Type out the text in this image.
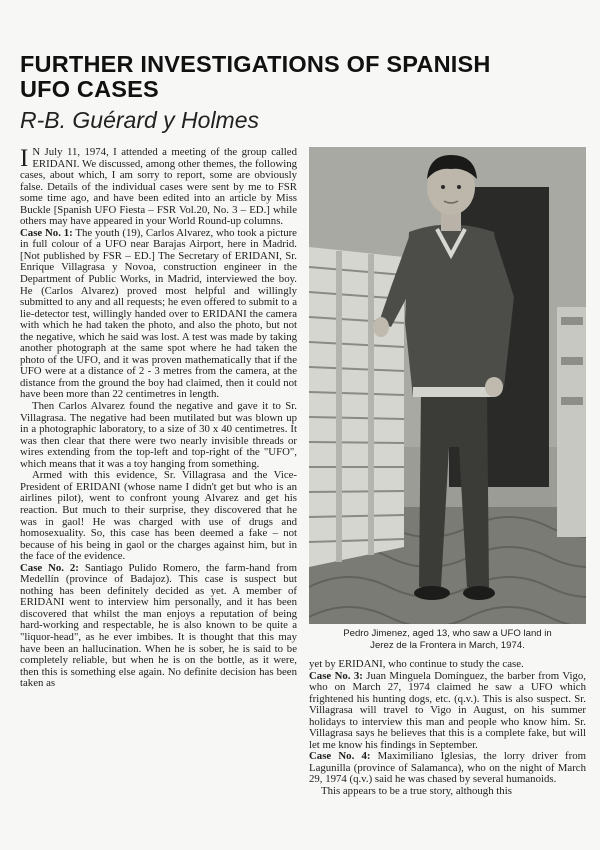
FURTHER INVESTIGATIONS OF SPANISH
UFO CASES
R-B. Guérard y Holmes

I N July 11, 1974, I attended a meeting of the group called ERIDANI. We discussed, among other themes, the following cases, about which, I am sorry to report, some are obviously false. Details of the individual cases were sent by me to FSR some time ago, and have been edited into an article by Miss Buckle [Spanish UFO Fiesta – FSR Vol.20, No. 3 – ED.] while others may have appeared in your World Round-up columns.

Case No. 1: The youth (19), Carlos Alvarez, who took a picture in full colour of a UFO near Barajas Airport, here in Madrid. [Not published by FSR – ED.] The Secretary of ERIDANI, Sr. Enrique Villagrasa y Novoa, construction engineer in the Department of Public Works, in Madrid, interviewed the boy. He (Carlos Alvarez) proved most helpful and willingly submitted to any and all requests; he even offered to submit to a lie-detector test, willingly handed over to ERIDANI the camera with which he had taken the photo, and also the photo, but not the negative, which he said was lost. A test was made by taking another photograph at the same spot where he had taken the photo of the UFO, and it was proven mathematically that if the UFO were at a distance of 2 - 3 metres from the camera, at the distance from the ground the boy had claimed, then it could not have been more than 22 centimetres in length.

Then Carlos Alvarez found the negative and gave it to Sr. Villagrasa. The negative had been mutilated but was blown up in a photographic laboratory, to a size of 30 x 40 centimetres. It was then clear that there were two nearly invisible threads or wires extending from the top-left and top-right of the "UFO", which means that it was a toy hanging from something.

Armed with this evidence, Sr. Villagrasa and the Vice-President of ERIDANI (whose name I didn't get but who is an airlines pilot), went to confront young Alvarez and get his reaction. But much to their surprise, they discovered that he was in gaol! He was charged with use of drugs and homosexuality. So, this case has been deemed a fake – not because of his being in gaol or the charges against him, but in the face of the evidence.

Case No. 2: Santiago Pulido Romero, the farm-hand from Medellín (province of Badajoz). This case is suspect but nothing has been definitely decided as yet. A member of ERIDANI went to interview him personally, and it has been discovered that whilst the man enjoys a reputation of being hard-working and respectable, he is also known to be quite a "liquor-head", as he ever imbibes. It is thought that this may have been an hallucination. When he is sober, he is said to be completely reliable, but when he is on the bottle, as it were, then this is something else again. No definite decision has been taken as

Pedro Jimenez, aged 13, who saw a UFO land in
Jerez de la Frontera in March, 1974.

yet by ERIDANI, who continue to study the case.

Case No. 3: Juan Minguela Domínguez, the barber from Vigo, who on March 27, 1974 claimed he saw a UFO which frightened his hunting dogs, etc. (q.v.). This is also suspect. Sr. Villagrasa will travel to Vigo in August, on his summer holidays to interview this man and people who know him. Sr. Villagrasa says he believes that this is a complete fake, but will let me know his findings in September.

Case No. 4: Maximiliano Iglesias, the lorry driver from Lagunilla (province of Salamanca), who on the night of March 29, 1974 (q.v.) said he was chased by several humanoids.

This appears to be a true story, although this
